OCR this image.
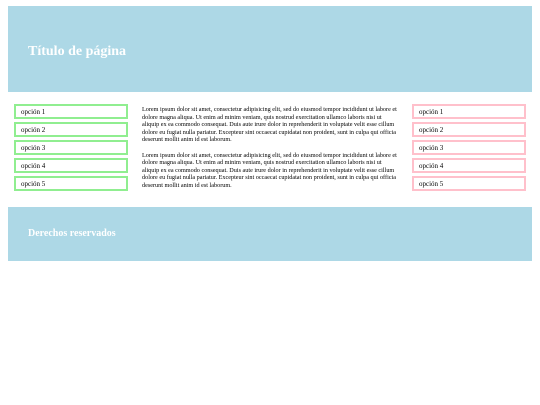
Título de página
opción 1
opción 2
opción 3
opción 4
opción 5

Lorem ipsum dolor sit amet, consectetur adipisicing elit, sed do eiusmod tempor incididunt ut labore et dolore magna aliqua. Ut enim ad minim veniam, quis nostrud exercitation ullamco laboris nisi ut aliquip ex ea commodo consequat. Duis aute irure dolor in reprehenderit in voluptate velit esse cillum dolore eu fugiat nulla pariatur. Excepteur sint occaecat cupidatat non proident, sunt in culpa qui officia deserunt mollit anim id est laborum.

Lorem ipsum dolor sit amet, consectetur adipisicing elit, sed do eiusmod tempor incididunt ut labore et dolore magna aliqua. Ut enim ad minim veniam, quis nostrud exercitation ullamco laboris nisi ut aliquip ex ea commodo consequat. Duis aute irure dolor in reprehenderit in voluptate velit esse cillum dolore eu fugiat nulla pariatur. Excepteur sint occaecat cupidatat non proident, sunt in culpa qui officia deserunt mollit anim id est laborum.

opción 1
opción 2
opción 3
opción 4
opción 5
Derechos reservados
